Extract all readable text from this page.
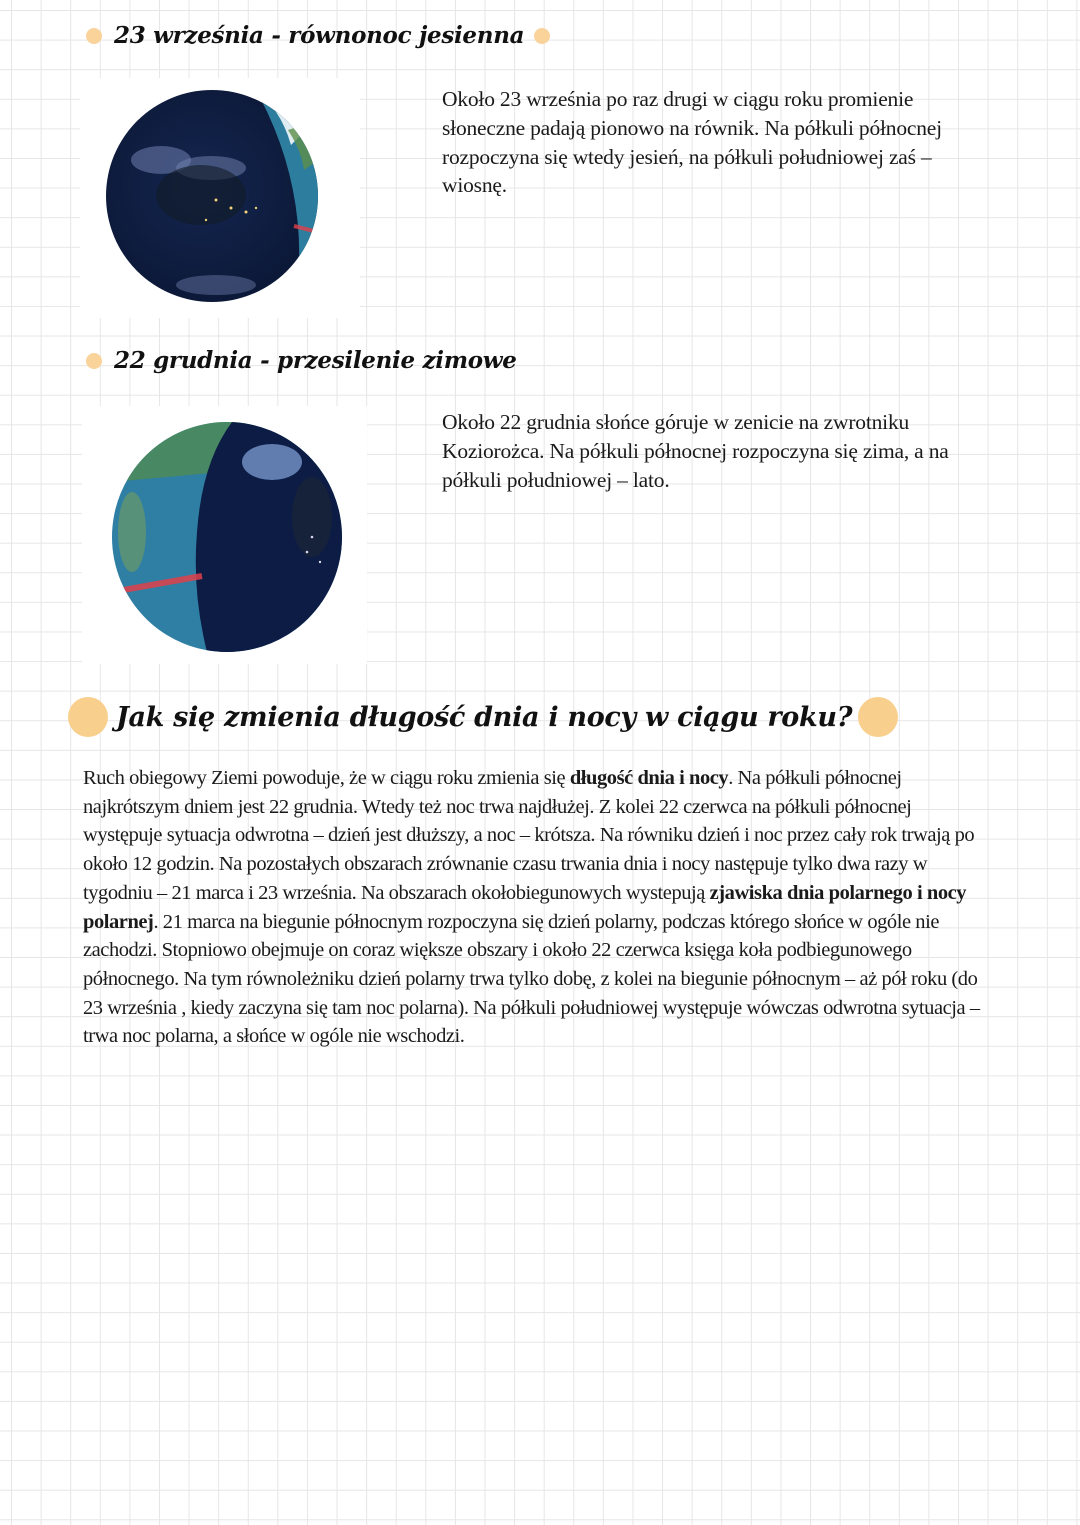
23 września - równonoc jesienna

Około 23 września po raz drugi w ciągu roku promienie słoneczne padają pionowo na równik. Na półkuli północnej rozpoczyna się wtedy jesień, na półkuli południowej zaś – wiosnę.

22 grudnia - przesilenie zimowe

Około 22 grudnia słońce góruje w zenicie na zwrotniku Koziorożca. Na półkuli północnej rozpoczyna się zima, a na półkuli południowej – lato.

Jak się zmienia długość dnia i nocy w ciągu roku?
Ruch obiegowy Ziemi powoduje, że w ciągu roku zmienia się długość dnia i nocy. Na półkuli północnej najkrótszym dniem jest 22 grudnia. Wtedy też noc trwa najdłużej. Z kolei 22 czerwca na półkuli północnej występuje sytuacja odwrotna – dzień jest dłuższy, a noc – krótsza. Na równiku dzień i noc przez cały rok trwają po około 12 godzin. Na pozostałych obszarach zrównanie czasu trwania dnia i nocy następuje tylko dwa razy w tygodniu – 21 marca i 23 września. Na obszarach okołobiegunowych wystepują zjawiska dnia polarnego i nocy polarnej. 21 marca na biegunie północnym rozpoczyna się dzień polarny, podczas którego słońce w ogóle nie zachodzi. Stopniowo obejmuje on coraz większe obszary i około 22 czerwca księga koła podbiegunowego północnego. Na tym równoleżniku dzień polarny trwa tylko dobę, z kolei na biegunie północnym – aż pół roku (do 23 września , kiedy zaczyna się tam noc polarna). Na półkuli południowej występuje wówczas odwrotna sytuacja – trwa noc polarna, a słońce w ogóle nie wschodzi.
